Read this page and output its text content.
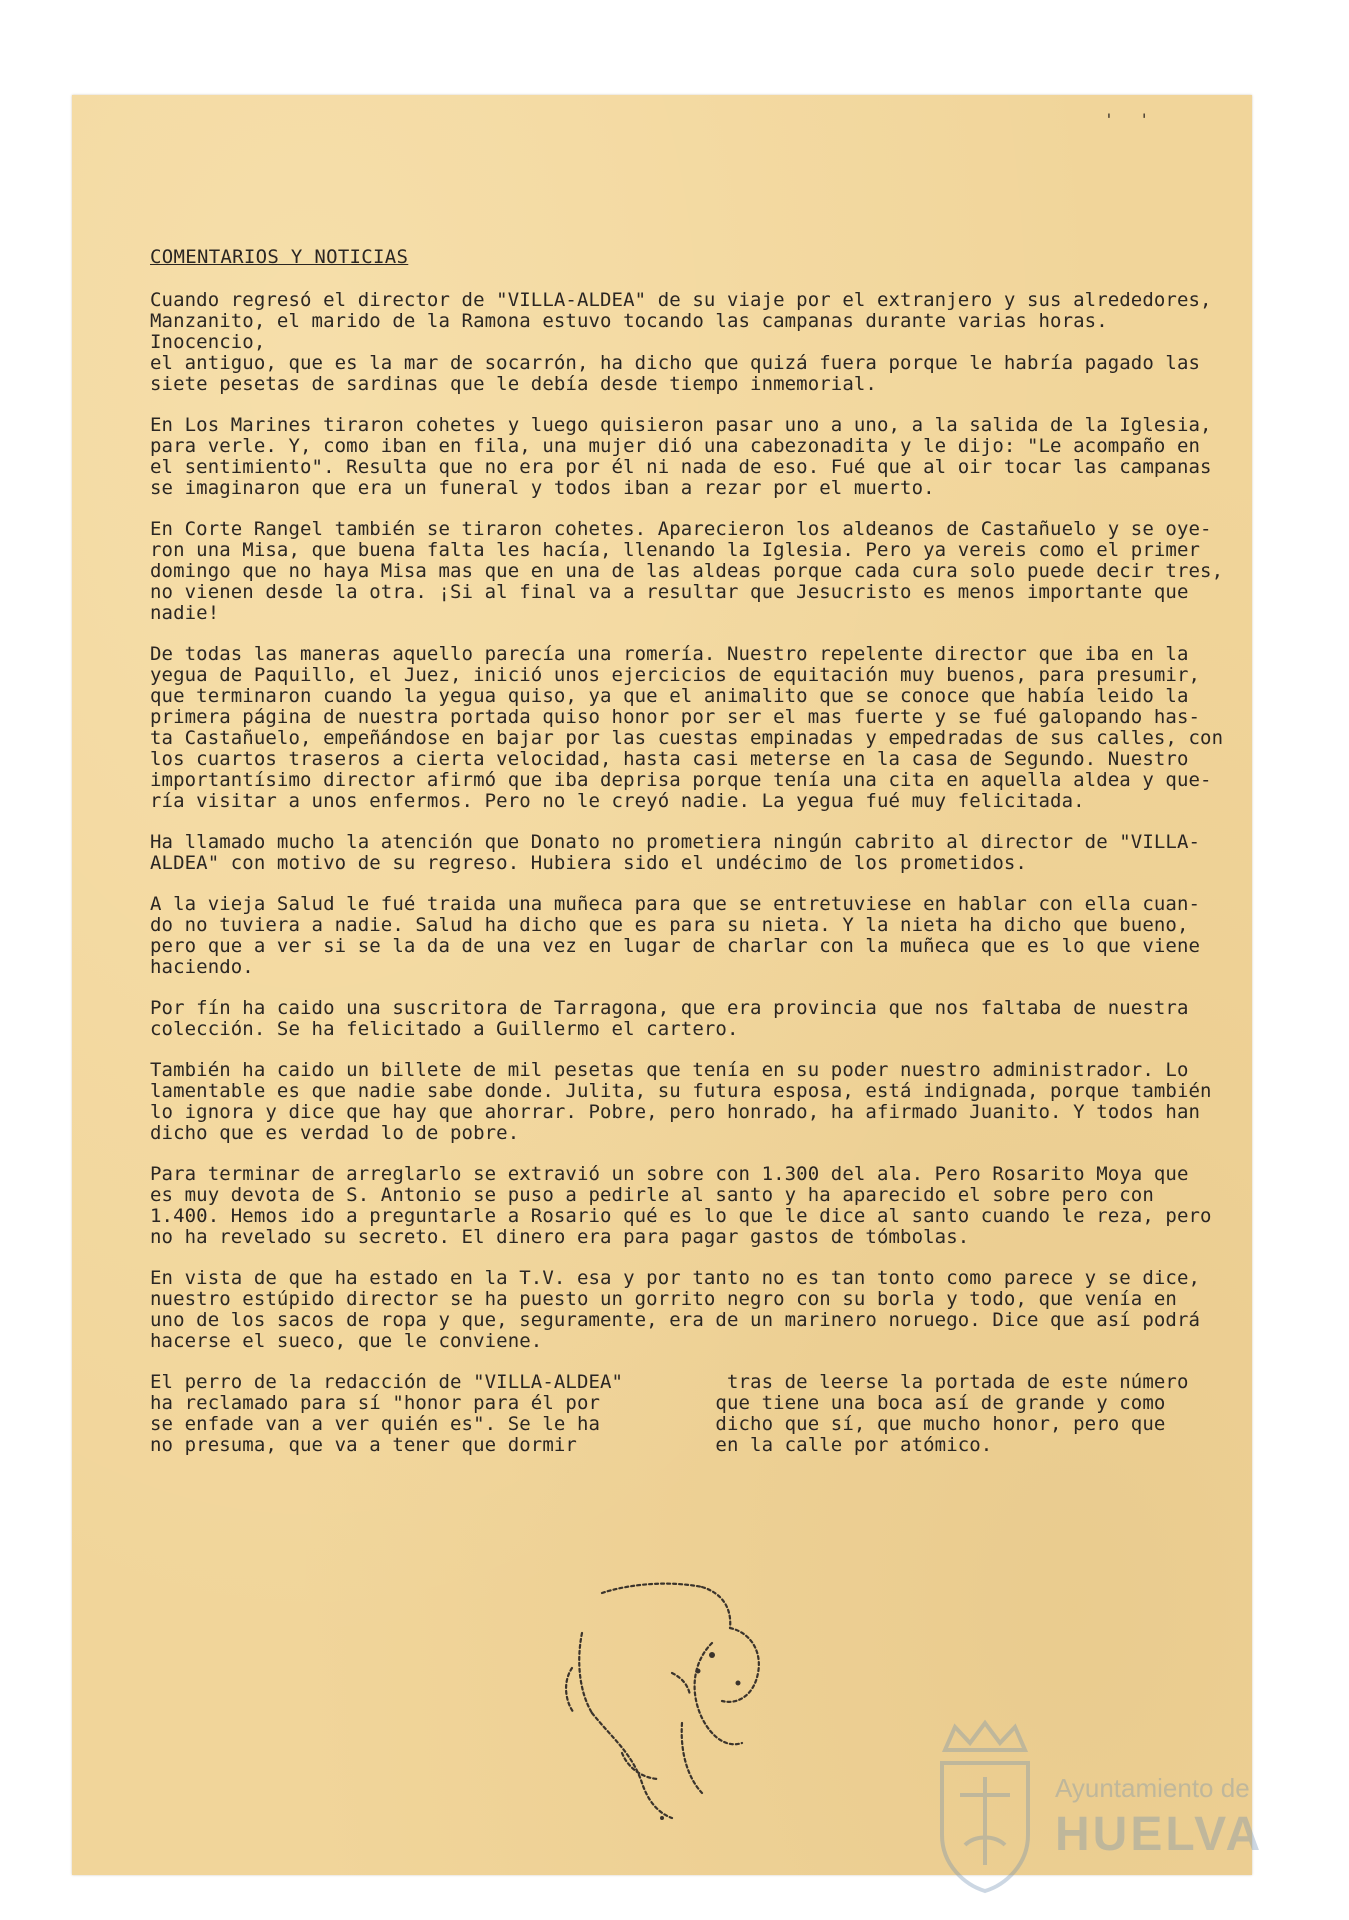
' '
COMENTARIOS Y NOTICIAS
Cuando regresó el director de "VILLA-ALDEA" de su viaje por el extranjero y sus alrededores,
Manzanito, el marido de la Ramona estuvo tocando las campanas durante varias horas. Inocencio,
el antiguo, que es la mar de socarrón, ha dicho que quizá fuera porque le habría pagado las
siete pesetas de sardinas que le debía desde tiempo inmemorial.
En Los Marines tiraron cohetes y luego quisieron pasar uno a uno, a la salida de la Iglesia,
para verle. Y, como iban en fila, una mujer dió una cabezonadita y le dijo: "Le acompaño en
el sentimiento". Resulta que no era por él ni nada de eso. Fué que al oir tocar las campanas
se imaginaron que era un funeral y todos iban a rezar por el muerto.
En Corte Rangel también se tiraron cohetes. Aparecieron los aldeanos de Castañuelo y se oye-
ron una Misa, que buena falta les hacía, llenando la Iglesia. Pero ya vereis como el primer
domingo que no haya Misa mas que en una de las aldeas porque cada cura solo puede decir tres,
no vienen desde la otra. ¡Si al final va a resultar que Jesucristo es menos importante que
nadie!
De todas las maneras aquello parecía una romería. Nuestro repelente director que iba en la
yegua de Paquillo, el Juez, inició unos ejercicios de equitación muy buenos, para presumir,
que terminaron cuando la yegua quiso, ya que el animalito que se conoce que había leido la
primera página de nuestra portada quiso honor por ser el mas fuerte y se fué galopando has-
ta Castañuelo, empeñándose en bajar por las cuestas empinadas y empedradas de sus calles, con
los cuartos traseros a cierta velocidad, hasta casi meterse en la casa de Segundo. Nuestro
importantísimo director afirmó que iba deprisa porque tenía una cita en aquella aldea y que-
ría visitar a unos enfermos. Pero no le creyó nadie. La yegua fué muy felicitada.
Ha llamado mucho la atención que Donato no prometiera ningún cabrito al director de "VILLA-
ALDEA" con motivo de su regreso. Hubiera sido el undécimo de los prometidos.
A la vieja Salud le fué traida una muñeca para que se entretuviese en hablar con ella cuan-
do no tuviera a nadie. Salud ha dicho que es para su nieta. Y la nieta ha dicho que bueno,
pero que a ver si se la da de una vez en lugar de charlar con la muñeca que es lo que viene
haciendo.
Por fín ha caido una suscritora de Tarragona, que era provincia que nos faltaba de nuestra
colección. Se ha felicitado a Guillermo el cartero.
También ha caido un billete de mil pesetas que tenía en su poder nuestro administrador. Lo
lamentable es que nadie sabe donde. Julita, su futura esposa, está indignada, porque también
lo ignora y dice que hay que ahorrar. Pobre, pero honrado, ha afirmado Juanito. Y todos han
dicho que es verdad lo de pobre.
Para terminar de arreglarlo se extravió un sobre con 1.300 del ala. Pero Rosarito Moya que
es muy devota de S. Antonio se puso a pedirle al santo y ha aparecido el sobre pero con
1.400. Hemos ido a preguntarle a Rosario qué es lo que le dice al santo cuando le reza, pero
no ha revelado su secreto. El dinero era para pagar gastos de tómbolas.
En vista de que ha estado en la T.V. esa y por tanto no es tan tonto como parece y se dice,
nuestro estúpido director se ha puesto un gorrito negro con su borla y todo, que venía en
uno de los sacos de ropa y que, seguramente, era de un marinero noruego. Dice que así podrá
hacerse el sueco, que le conviene.
El perro de la redacción de "VILLA-ALDEA"         tras de leerse la portada de este número
ha reclamado para sí "honor para él por          que tiene una boca así de grande y como
se enfade van a ver quién es". Se le ha          dicho que sí, que mucho honor, pero que
no presuma, que va a tener que dormir            en la calle por atómico.
Ayuntamiento de
HUELVA
